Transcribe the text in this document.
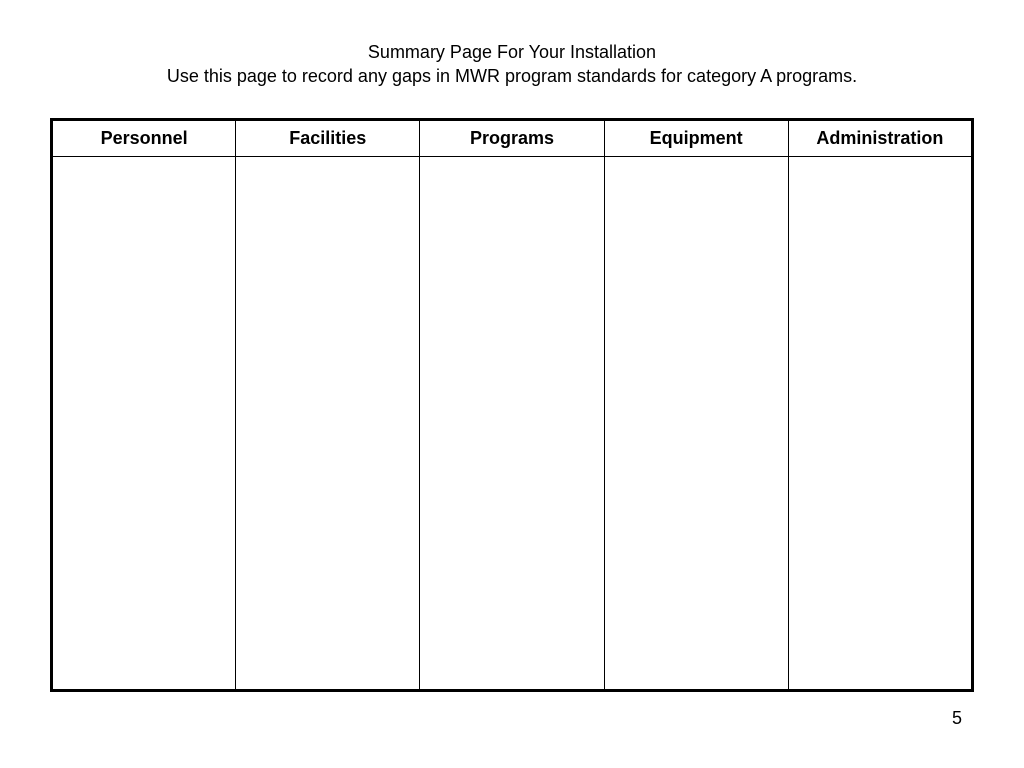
Summary Page For Your Installation
Use this page to record any gaps in MWR program standards for category A programs.
Personnel	Facilities	Programs	Equipment	Administration

5
